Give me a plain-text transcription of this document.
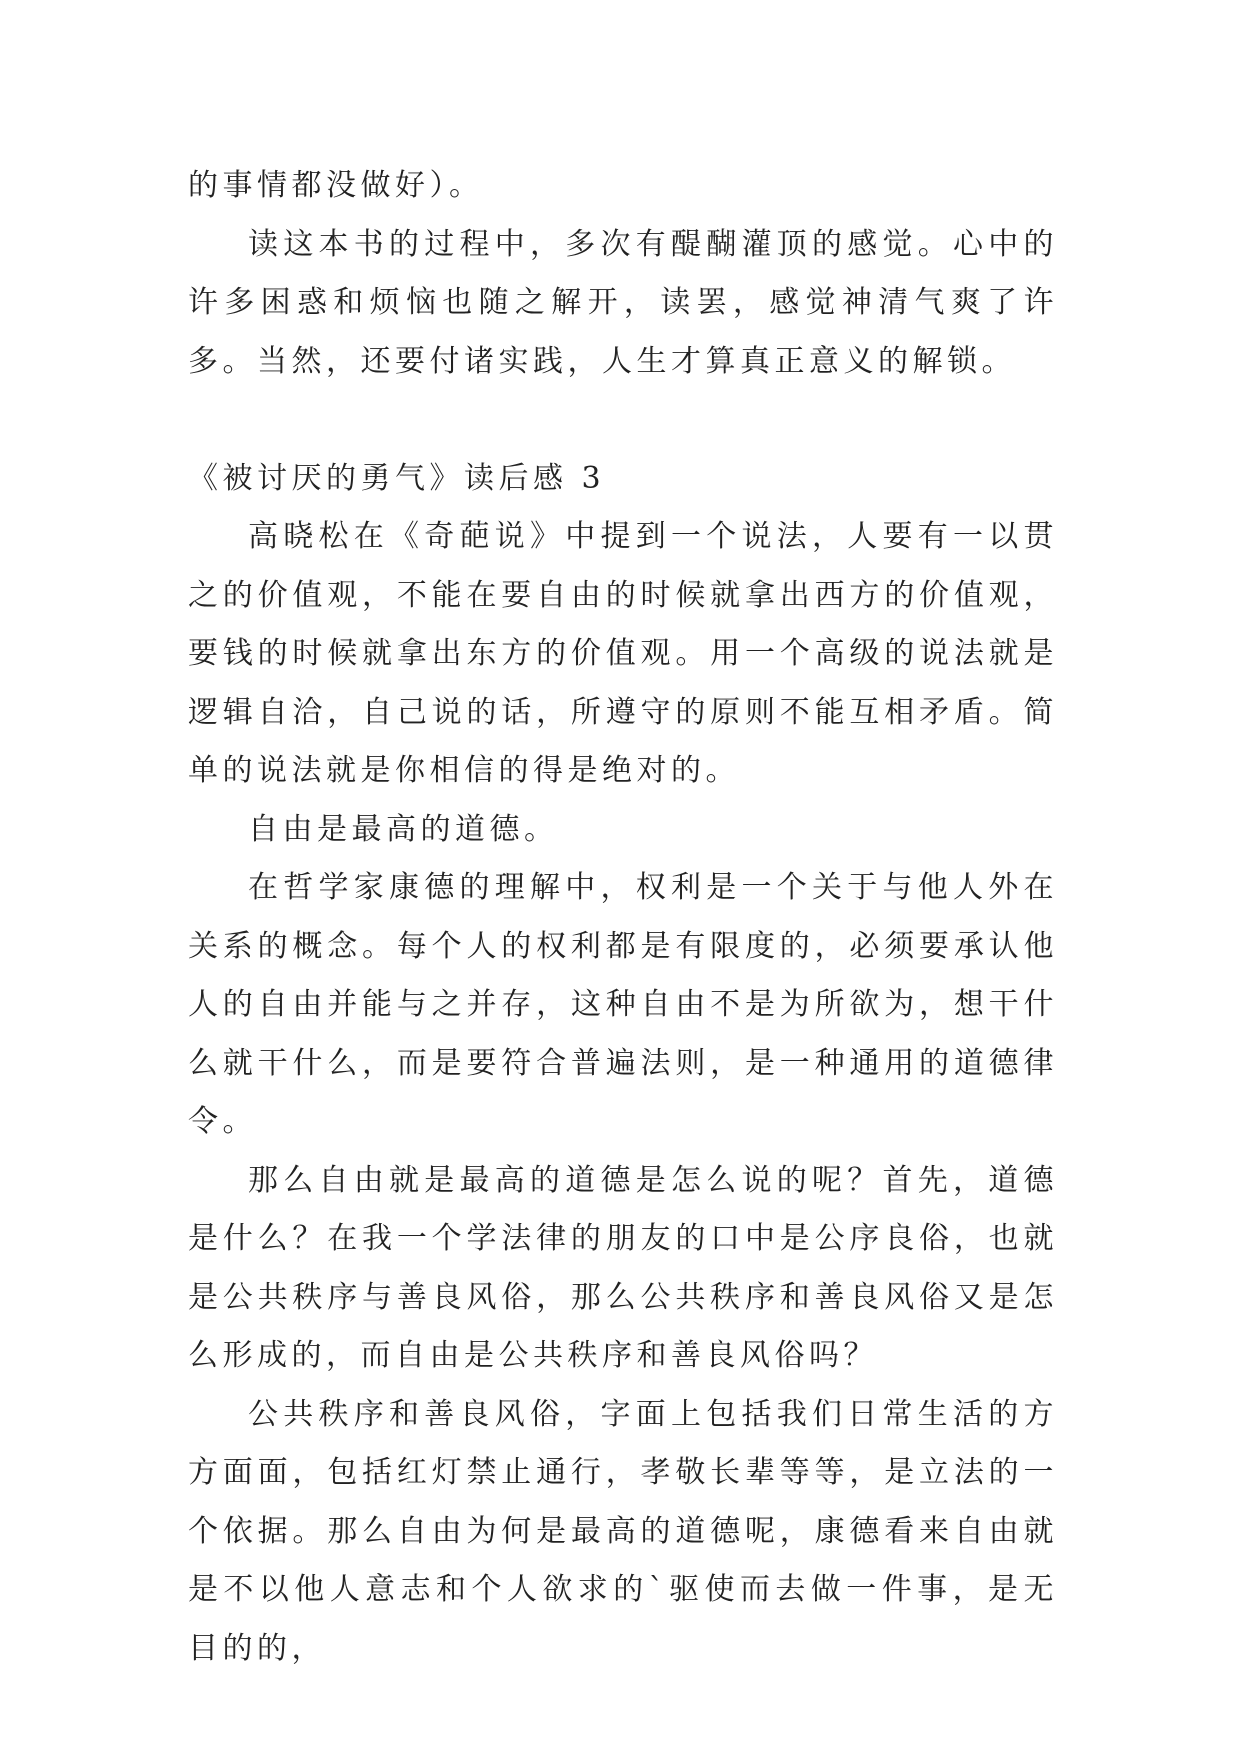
的事情都没做好）。

读这本书的过程中，多次有醍醐灌顶的感觉。心中的许多困惑和烦恼也随之解开，读罢，感觉神清气爽了许多。当然，还要付诸实践，人生才算真正意义的解锁。

《被讨厌的勇气》读后感 3

高晓松在《奇葩说》中提到一个说法，人要有一以贯之的价值观，不能在要自由的时候就拿出西方的价值观，要钱的时候就拿出东方的价值观。用一个高级的说法就是逻辑自洽，自己说的话，所遵守的原则不能互相矛盾。简单的说法就是你相信的得是绝对的。

自由是最高的道德。

在哲学家康德的理解中，权利是一个关于与他人外在关系的概念。每个人的权利都是有限度的，必须要承认他人的自由并能与之并存，这种自由不是为所欲为，想干什么就干什么，而是要符合普遍法则，是一种通用的道德律令。

那么自由就是最高的道德是怎么说的呢？首先，道德是什么？在我一个学法律的朋友的口中是公序良俗，也就是公共秩序与善良风俗，那么公共秩序和善良风俗又是怎么形成的，而自由是公共秩序和善良风俗吗？

公共秩序和善良风俗，字面上包括我们日常生活的方方面面，包括红灯禁止通行，孝敬长辈等等，是立法的一个依据。那么自由为何是最高的道德呢，康德看来自由就是不以他人意志和个人欲求的`驱使而去做一件事，是无目的的，
